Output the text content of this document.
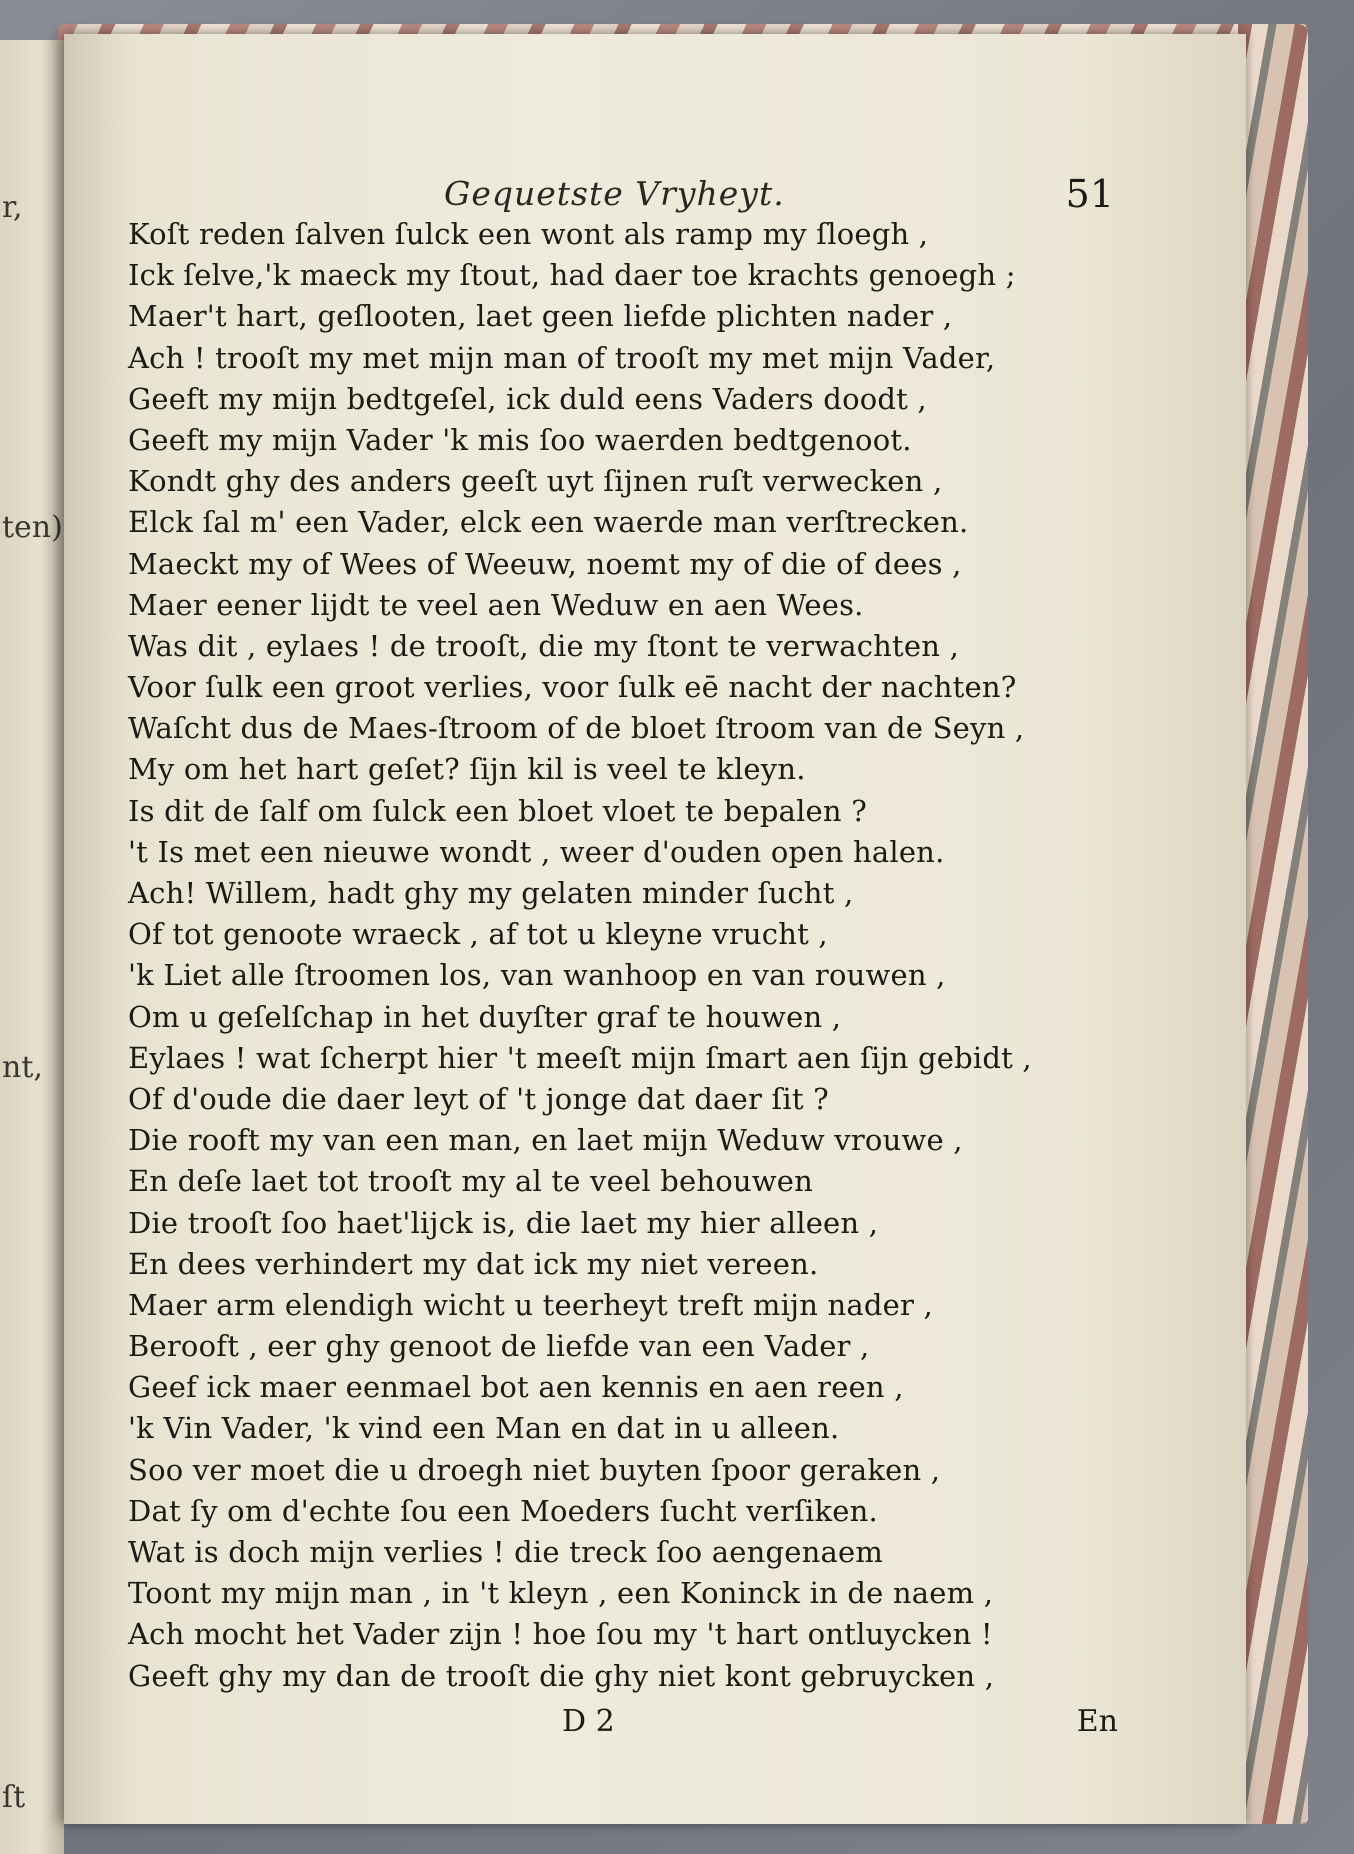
r,
ten)
nt,
ſt
Gequetste Vryheyt.	51
Koſt reden ſalven ſulck een wont als ramp my ſloegh ,
Ick ſelve,'k maeck my ſtout, had daer toe krachts genoegh ;
Maer't hart, geſlooten, laet geen liefde plichten nader ,
Ach ! trooſt my met mijn man of trooſt my met mijn Vader,
Geeft my mijn bedtgeſel, ick duld eens Vaders doodt ,
Geeft my mijn Vader 'k mis ſoo waerden bedtgenoot.
Kondt ghy des anders geeſt uyt ſijnen ruſt verwecken ,
Elck ſal m' een Vader, elck een waerde man verſtrecken.
Maeckt my of Wees of Weeuw, noemt my of die of dees ,
Maer eener lijdt te veel aen Weduw en aen Wees.
Was dit , eylaes ! de trooſt, die my ſtont te verwachten ,
Voor ſulk een groot verlies, voor ſulk eē nacht der nachten?
Waſcht dus de Maes-ſtroom of de bloet ſtroom van de Seyn ,
My om het hart geſet? ſijn kil is veel te kleyn.
Is dit de ſalf om ſulck een bloet vloet te bepalen ?
't Is met een nieuwe wondt , weer d'ouden open halen.
Ach! Willem, hadt ghy my gelaten minder ſucht ,
Of tot genoote wraeck , af tot u kleyne vrucht ,
'k Liet alle ſtroomen los, van wanhoop en van rouwen ,
Om u geſelſchap in het duyſter graf te houwen ,
Eylaes ! wat ſcherpt hier 't meeſt mijn ſmart aen ſijn gebidt ,
Of d'oude die daer leyt of 't jonge dat daer ſit ?
Die rooft my van een man, en laet mijn Weduw vrouwe ,
En deſe laet tot trooſt my al te veel behouwen
Die trooſt ſoo haet'lijck is, die laet my hier alleen ,
En dees verhindert my dat ick my niet vereen.
Maer arm elendigh wicht u teerheyt treft mijn nader ,
Berooft , eer ghy genoot de liefde van een Vader ,
Geef ick maer eenmael bot aen kennis en aen reen ,
'k Vin Vader, 'k vind een Man en dat in u alleen.
Soo ver moet die u droegh niet buyten ſpoor geraken ,
Dat ſy om d'echte ſou een Moeders ſucht verſiken.
Wat is doch mijn verlies ! die treck ſoo aengenaem
Toont my mijn man , in 't kleyn , een Koninck in de naem ,
Ach mocht het Vader zijn ! hoe ſou my 't hart ontluycken !
Geeft ghy my dan de trooſt die ghy niet kont gebruycken ,
D 2	En
